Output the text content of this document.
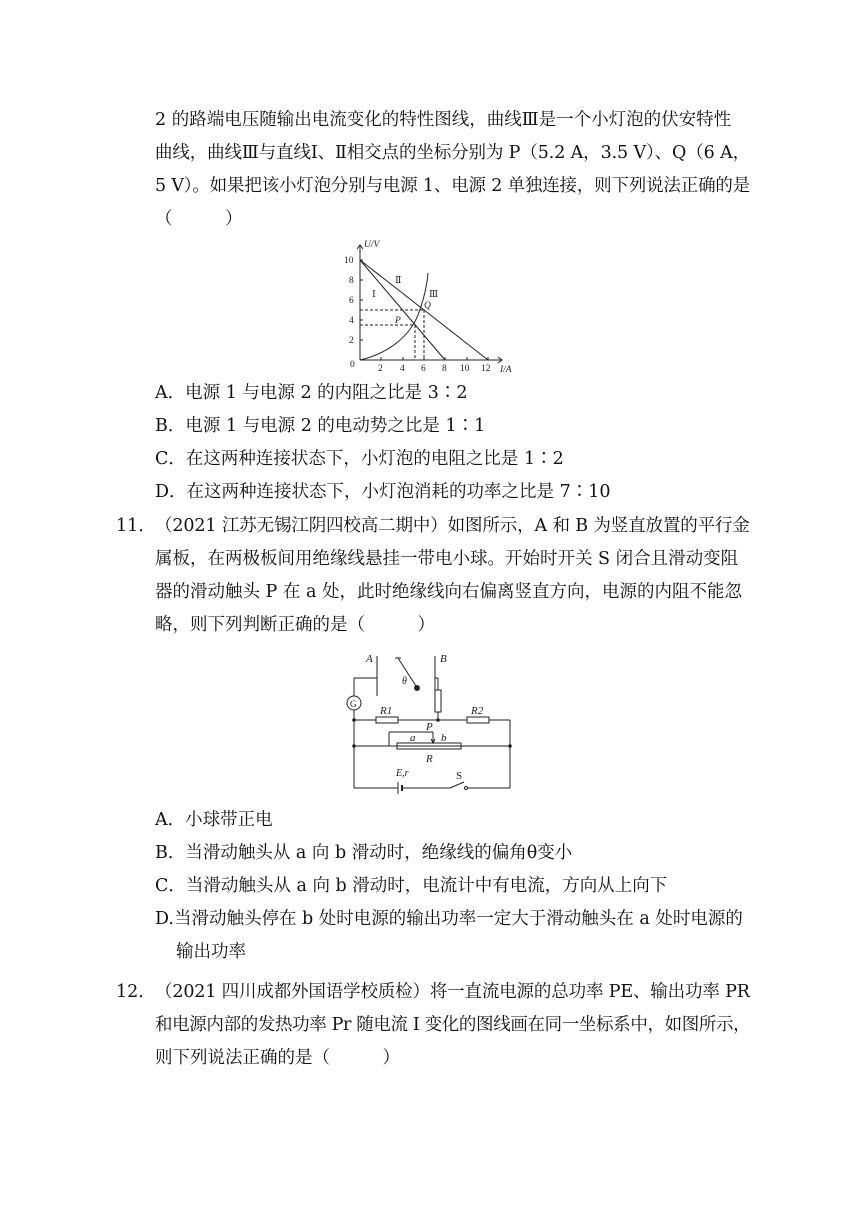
2 的路端电压随输出电流变化的特性图线，曲线Ⅲ是一个小灯泡的伏安特性
曲线，曲线Ⅲ与直线Ⅰ、Ⅱ相交点的坐标分别为 P（5.2 A，3.5 V）、Q（6 A，
5 V）。如果把该小灯泡分别与电源 1、电源 2 单独连接，则下列说法正确的是
（　　　）
U/V
I/A
0
10
8
6
4
2
2 4 6 8 10 12
Ⅰ
Ⅱ
Ⅲ
P
Q
A．电源 1 与电源 2 的内阻之比是 3∶2
B．电源 1 与电源 2 的电动势之比是 1∶1
C．在这两种连接状态下，小灯泡的电阻之比是 1∶2
D．在这两种连接状态下，小灯泡消耗的功率之比是 7∶10
11． （2021 江苏无锡江阴四校高二期中）如图所示，A 和 B 为竖直放置的平行金
属板，在两极板间用绝缘线悬挂一带电小球。开始时开关 S 闭合且滑动变阻
器的滑动触头 P 在 a 处，此时绝缘线向右偏离竖直方向，电源的内阻不能忽
略，则下列判断正确的是（　　　）
A	B
θ
G
R1	R2
a
P
b
R
E,r	S
A．小球带正电
B．当滑动触头从 a 向 b 滑动时，绝缘线的偏角θ变小
C．当滑动触头从 a 向 b 滑动时，电流计中有电流，方向从上向下
D.当滑动触头停在 b 处时电源的输出功率一定大于滑动触头在 a 处时电源的
输出功率
12． （2021 四川成都外国语学校质检）将一直流电源的总功率 PE、输出功率 PR
和电源内部的发热功率 Pr 随电流 I 变化的图线画在同一坐标系中，如图所示，
则下列说法正确的是（　　　）
